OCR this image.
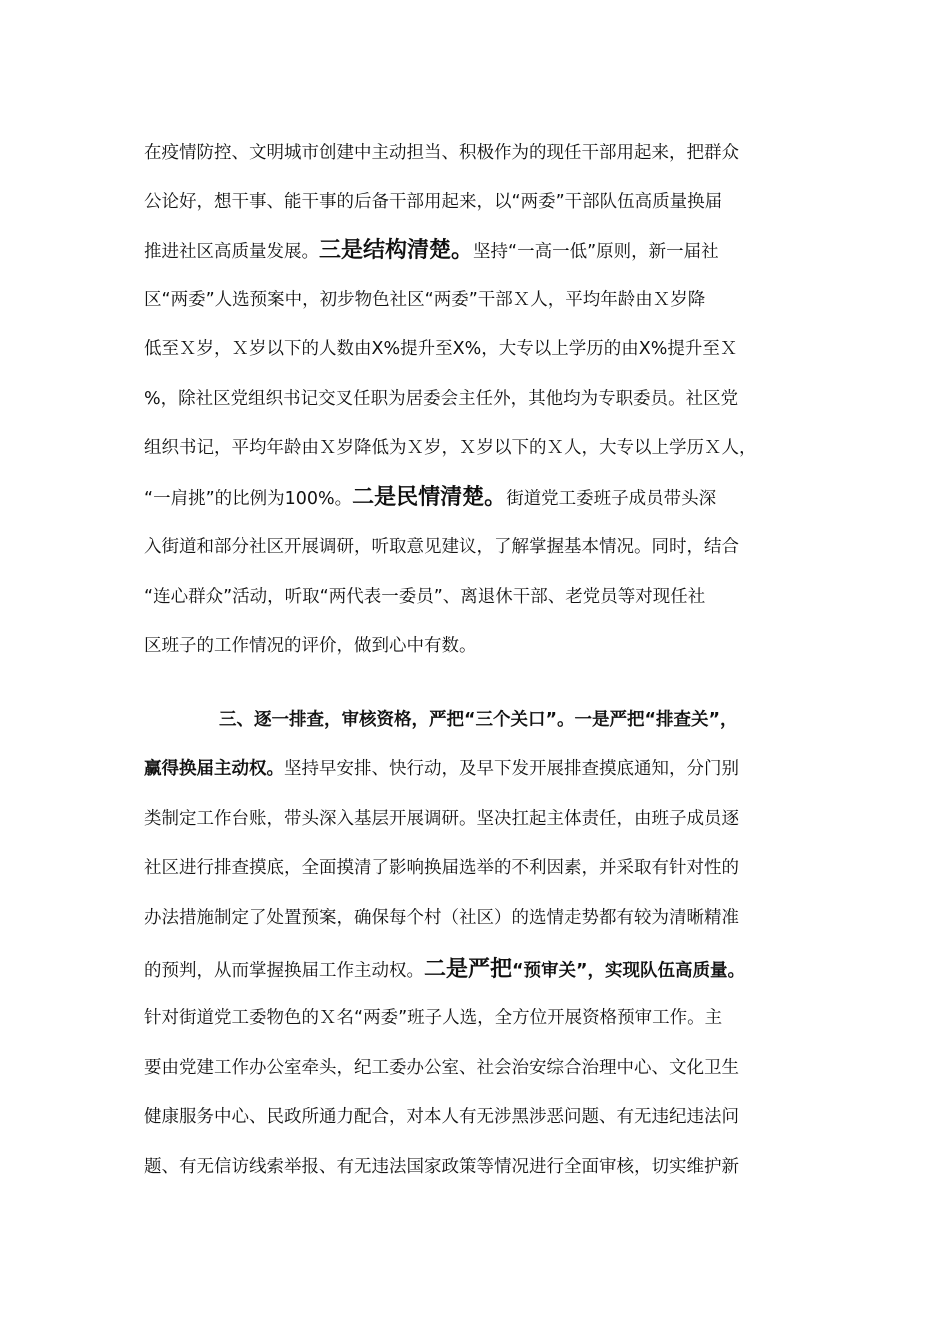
在疫情防控、文明城市创建中主动担当、积极作为的现任干部用起来，把群众
公论好，想干事、能干事的后备干部用起来，以“两委”干部队伍高质量换届
推进社区高质量发展。三是结构清楚。坚持“一高一低”原则，新一届社
区“两委”人选预案中，初步物色社区“两委”干部Ｘ人，平均年龄由Ｘ岁降
低至Ｘ岁，Ｘ岁以下的人数由X%提升至X%，大专以上学历的由X%提升至Ｘ
%，除社区党组织书记交叉任职为居委会主任外，其他均为专职委员。社区党
组织书记，平均年龄由Ｘ岁降低为Ｘ岁，Ｘ岁以下的Ｘ人，大专以上学历Ｘ人，
“一肩挑”的比例为100%。二是民情清楚。街道党工委班子成员带头深
入街道和部分社区开展调研，听取意见建议，了解掌握基本情况。同时，结合
“连心群众”活动，听取“两代表一委员”、离退休干部、老党员等对现任社
区班子的工作情况的评价，做到心中有数。
三、逐一排查，审核资格，严把“三个关口”。一是严把“排查关”，
赢得换届主动权。坚持早安排、快行动，及早下发开展排查摸底通知，分门别
类制定工作台账，带头深入基层开展调研。坚决扛起主体责任，由班子成员逐
社区进行排查摸底，全面摸清了影响换届选举的不利因素，并采取有针对性的
办法措施制定了处置预案，确保每个村（社区）的选情走势都有较为清晰精准
的预判，从而掌握换届工作主动权。二是严把“预审关”，实现队伍高质量。
针对街道党工委物色的Ｘ名“两委”班子人选，全方位开展资格预审工作。主
要由党建工作办公室牵头，纪工委办公室、社会治安综合治理中心、文化卫生
健康服务中心、民政所通力配合，对本人有无涉黑涉恶问题、有无违纪违法问
题、有无信访线索举报、有无违法国家政策等情况进行全面审核，切实维护新
